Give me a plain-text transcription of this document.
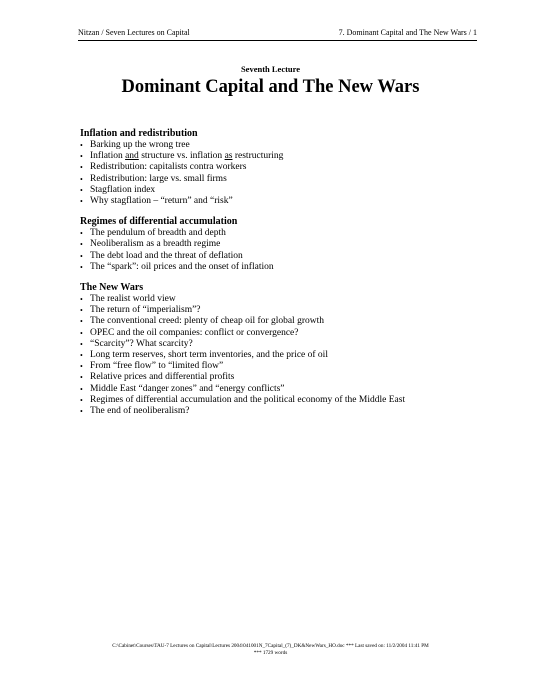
Nitzan / Seven Lectures on Capital	7. Dominant Capital and The New Wars / 1
Seventh Lecture
Dominant Capital and The New Wars
Inflation and redistribution
• Barking up the wrong tree
• Inflation and structure vs. inflation as restructuring
• Redistribution: capitalists contra workers
• Redistribution: large vs. small firms
• Stagflation index
• Why stagflation – “return” and “risk”
Regimes of differential accumulation
• The pendulum of breadth and depth
• Neoliberalism as a breadth regime
• The debt load and the threat of deflation
• The “spark”: oil prices and the onset of inflation
The New Wars
• The realist world view
• The return of “imperialism”?
• The conventional creed: plenty of cheap oil for global growth
• OPEC and the oil companies: conflict or convergence?
• “Scarcity”? What scarcity?
• Long term reserves, short term inventories, and the price of oil
• From “free flow” to “limited flow”
• Relative prices and differential profits
• Middle East “danger zones” and “energy conflicts”
• Regimes of differential accumulation and the political economy of the Middle East
• The end of neoliberalism?
C:\Cabinet\Courses\TAU-7 Lectures on Capital\Lectures 2004\041001N_7Capital_(7)_DK&NewWars_HO.doc *** Last saved on: 11/2/2004 11:41 PM
*** 1729 words
